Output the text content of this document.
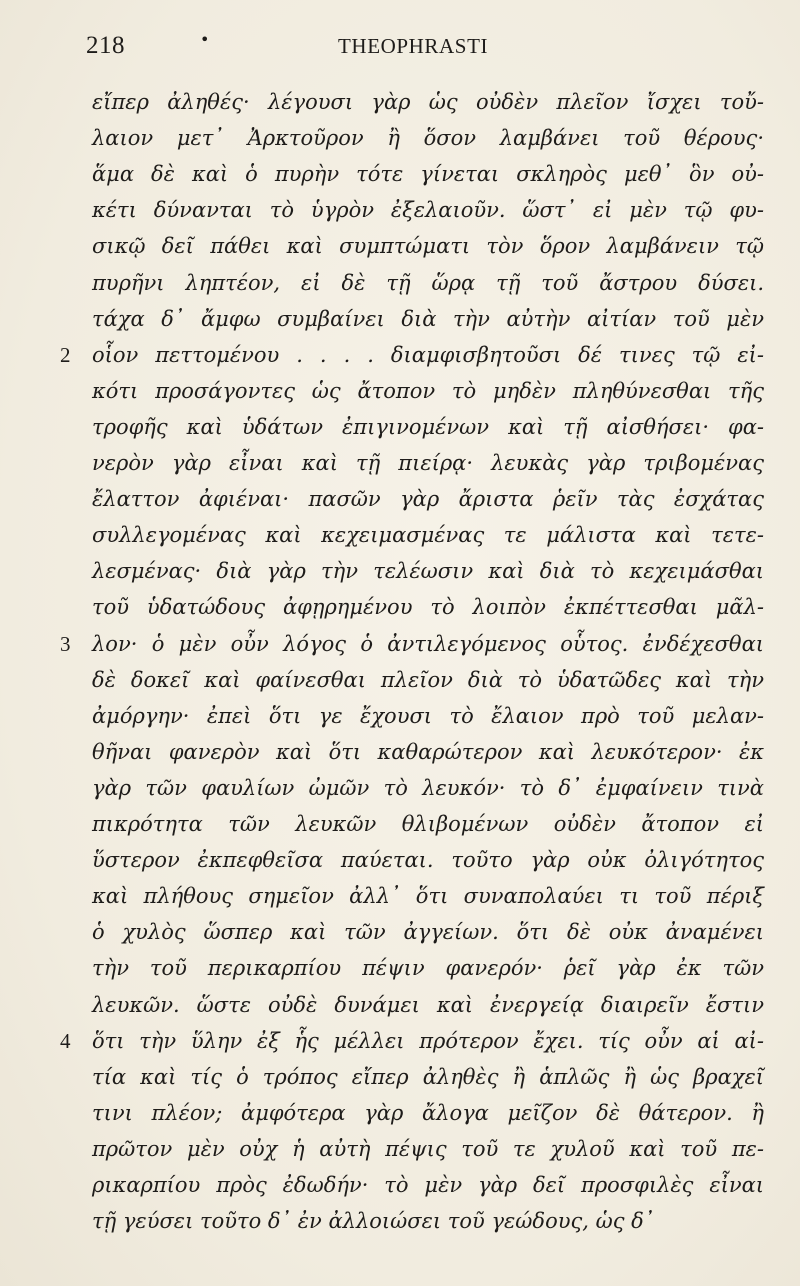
218	•	THEOPHRASTI
εἴπερ ἀληθές· λέγουσι γὰρ ὡς οὐδὲν πλεῖον ἴσχει τοὔ-
λαιον μετ᾽ Ἀρκτοῦρον ἢ ὅσον λαμβάνει τοῦ θέρους·
ἅμα δὲ καὶ ὁ πυρὴν τότε γίνεται σκληρὸς μεθ᾽ ὃν οὐ-
κέτι δύνανται τὸ ὑγρὸν ἐξελαιοῦν. ὥστ᾽ εἰ μὲν τῷ φυ-
σικῷ δεῖ πάθει καὶ συμπτώματι τὸν ὅρον λαμβάνειν τῷ
πυρῆνι ληπτέον, εἰ δὲ τῇ ὥρᾳ τῇ τοῦ ἄστρου δύσει.
τάχα δ᾽ ἄμφω συμβαίνει διὰ τὴν αὐτὴν αἰτίαν τοῦ μὲν
οἷον πεττομένου . . . . διαμφισβητοῦσι δέ τινες τῷ εἰ-
κότι προσάγοντες ὡς ἄτοπον τὸ μηδὲν πληθύνεσθαι τῆς
τροφῆς καὶ ὑδάτων ἐπιγινομένων καὶ τῇ αἰσθήσει· φα-
νερὸν γὰρ εἶναι καὶ τῇ πιείρᾳ· λευκὰς γὰρ τριβομένας
ἔλαττον ἀφιέναι· πασῶν γὰρ ἄριστα ῥεῖν τὰς ἐσχάτας
συλλεγομένας καὶ κεχειμασμένας τε μάλιστα καὶ τετε-
λεσμένας· διὰ γὰρ τὴν τελέωσιν καὶ διὰ τὸ κεχειμάσθαι
τοῦ ὑδατώδους ἀφῃρημένου τὸ λοιπὸν ἐκπέττεσθαι μᾶλ-
λον· ὁ μὲν οὖν λόγος ὁ ἀντιλεγόμενος οὗτος. ἐνδέχεσθαι
δὲ δοκεῖ καὶ φαίνεσθαι πλεῖον διὰ τὸ ὑδατῶδες καὶ τὴν
ἀμόργην· ἐπεὶ ὅτι γε ἔχουσι τὸ ἔλαιον πρὸ τοῦ μελαν-
θῆναι φανερὸν καὶ ὅτι καθαρώτερον καὶ λευκότερον· ἐκ
γὰρ τῶν φαυλίων ὠμῶν τὸ λευκόν· τὸ δ᾽ ἐμφαίνειν τινὰ
πικρότητα τῶν λευκῶν θλιβομένων οὐδὲν ἄτοπον εἰ
ὕστερον ἐκπεφθεῖσα παύεται. τοῦτο γὰρ οὐκ ὀλιγότητος
καὶ πλήθους σημεῖον ἀλλ᾽ ὅτι συναπολαύει τι τοῦ πέριξ
ὁ χυλὸς ὥσπερ καὶ τῶν ἀγγείων. ὅτι δὲ οὐκ ἀναμένει
τὴν τοῦ περικαρπίου πέψιν φανερόν· ῥεῖ γὰρ ἐκ τῶν
λευκῶν. ὥστε οὐδὲ δυνάμει καὶ ἐνεργείᾳ διαιρεῖν ἔστιν
ὅτι τὴν ὕλην ἐξ ἧς μέλλει πρότερον ἔχει. τίς οὖν αἱ αἰ-
τία καὶ τίς ὁ τρόπος εἴπερ ἀληθὲς ἢ ἁπλῶς ἢ ὡς βραχεῖ
τινι πλέον; ἀμφότερα γὰρ ἄλογα μεῖζον δὲ θάτερον. ἢ
πρῶτον μὲν οὐχ ἡ αὐτὴ πέψις τοῦ τε χυλοῦ καὶ τοῦ πε-
ρικαρπίου πρὸς ἐδωδήν· τὸ μὲν γὰρ δεῖ προσφιλὲς εἶναι
τῇ γεύσει τοῦτο δ᾽ ἐν ἀλλοιώσει τοῦ γεώδους, ὡς δ᾽
2
3
4
